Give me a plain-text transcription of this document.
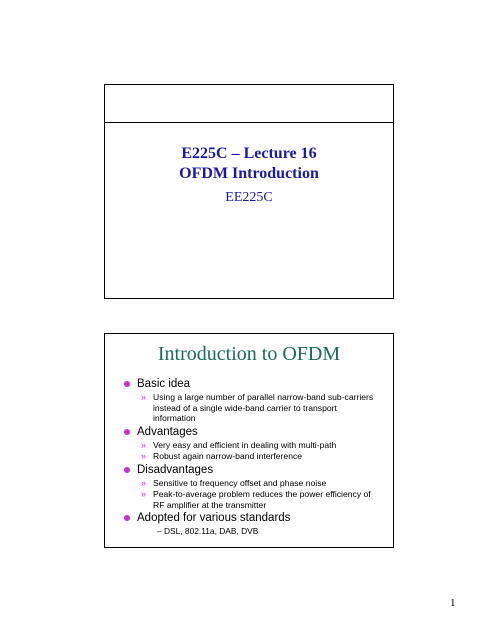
E225C – Lecture 16
OFDM Introduction
EE225C
Introduction to OFDM
Basic idea
» Using a large number of parallel narrow-band sub-carriers instead of a single wide-band carrier to transport information
Advantages
» Very easy and efficient in dealing with multi-path
» Robust again narrow-band interference
Disadvantages
» Sensitive to frequency offset and phase noise
» Peak-to-average problem reduces the power efficiency of RF amplifier at the transmitter
Adopted for various standards
– DSL, 802.11a, DAB, DVB
1
